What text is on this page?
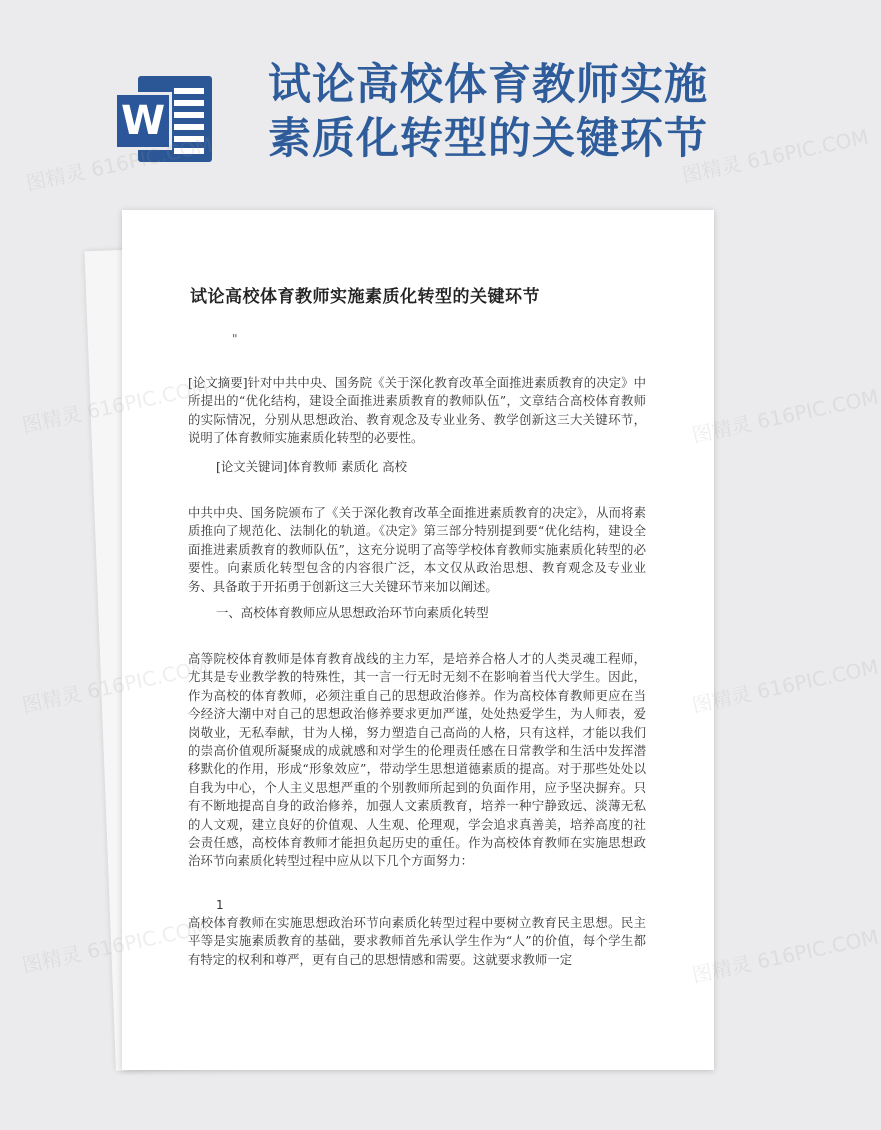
W
试论高校体育教师实施
素质化转型的关键环节
试论高校体育教师实施素质化转型的关键环节
"

[论文摘要]针对中共中央、国务院《关于深化教育改革全面推进素质教育的决定》中所提出的“优化结构，建设全面推进素质教育的教师队伍”，文章结合高校体育教师的实际情况，分别从思想政治、教育观念及专业业务、教学创新这三大关键环节，说明了体育教师实施素质化转型的必要性。

[论文关键词]体育教师 素质化 高校

中共中央、国务院颁布了《关于深化教育改革全面推进素质教育的决定》，从而将素质推向了规范化、法制化的轨道。《决定》第三部分特别提到要“优化结构，建设全面推进素质教育的教师队伍”，这充分说明了高等学校体育教师实施素质化转型的必要性。向素质化转型包含的内容很广泛，本文仅从政治思想、教育观念及专业业务、具备敢于开拓勇于创新这三大关键环节来加以阐述。

一、高校体育教师应从思想政治环节向素质化转型

高等院校体育教师是体育教育战线的主力军，是培养合格人才的人类灵魂工程师，尤其是专业教学教的特殊性，其一言一行无时无刻不在影响着当代大学生。因此，作为高校的体育教师，必须注重自己的思想政治修养。作为高校体育教师更应在当今经济大潮中对自己的思想政治修养要求更加严谨，处处热爱学生，为人师表，爱岗敬业，无私奉献，甘为人梯，努力塑造自己高尚的人格，只有这样，才能以我们的崇高价值观所凝聚成的成就感和对学生的伦理责任感在日常教学和生活中发挥潜移默化的作用，形成“形象效应”，带动学生思想道德素质的提高。对于那些处处以自我为中心，个人主义思想严重的个别教师所起到的负面作用，应予坚决摒弃。只有不断地提高自身的政治修养，加强人文素质教育，培养一种宁静致远、淡薄无私的人文观，建立良好的价值观、人生观、伦理观，学会追求真善美，培养高度的社会责任感，高校体育教师才能担负起历史的重任。作为高校体育教师在实施思想政治环节向素质化转型过程中应从以下几个方面努力：

1

高校体育教师在实施思想政治环节向素质化转型过程中要树立教育民主思想。民主平等是实施素质教育的基础，要求教师首先承认学生作为“人”的价值，每个学生都有特定的权利和尊严，更有自己的思想情感和需要。这就要求教师一定

图精灵 616PIC.COM	图精灵 616PIC.COM
图精灵	图精灵 616PIC.COM
图精灵	图精灵 616PIC.COM
图精灵	图精灵 616PIC.COM
